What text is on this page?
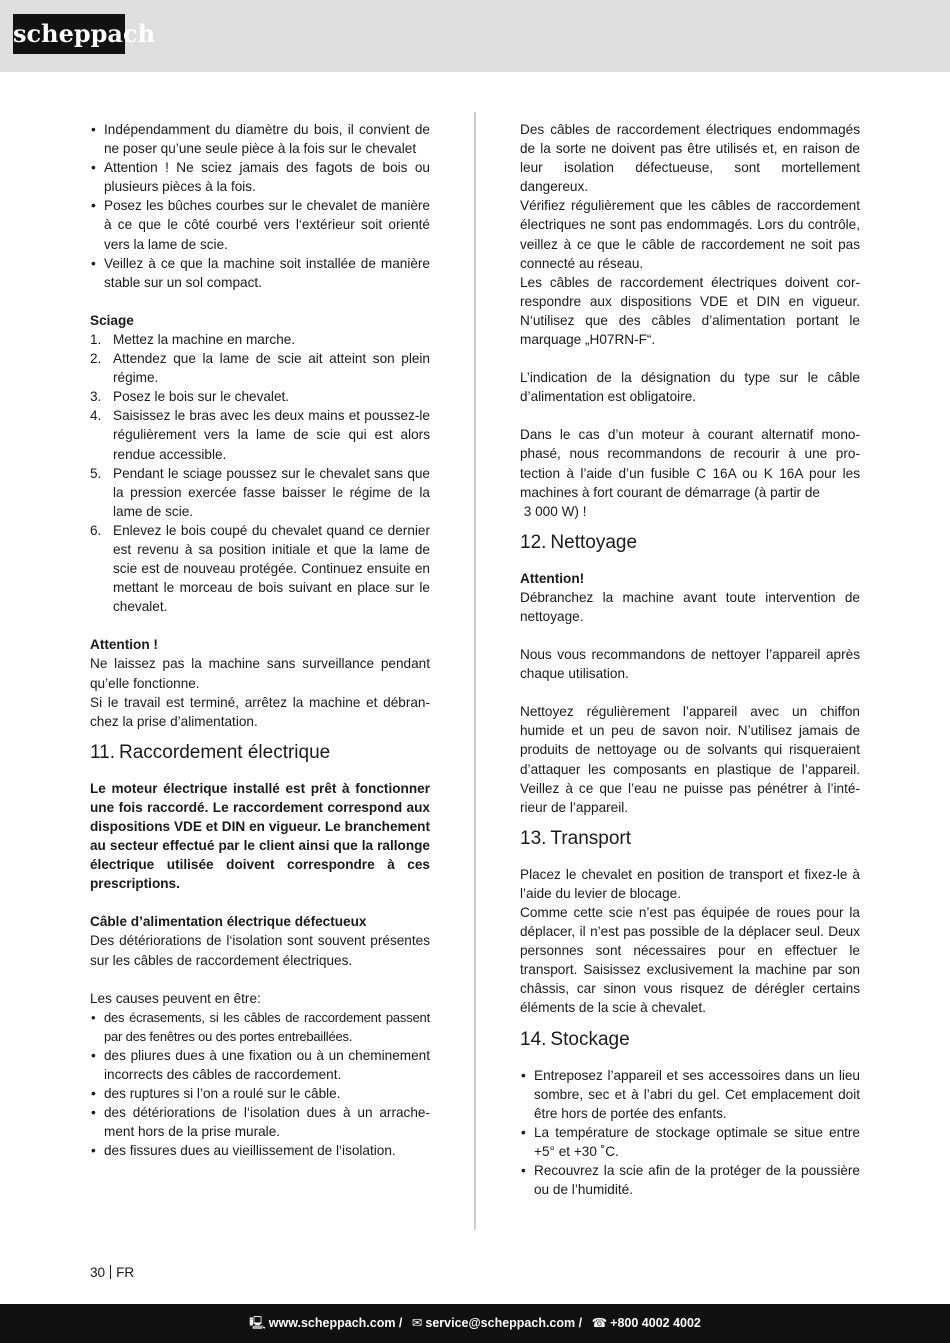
scheppach
• Indépendamment du diamètre du bois, il convient de ne poser qu’une seule pièce à la fois sur le chevalet
• Attention ! Ne sciez jamais des fagots de bois ou plusieurs pièces à la fois.
• Posez les bûches courbes sur le chevalet de manière à ce que le côté courbé vers l‘extérieur soit orienté vers la lame de scie.
• Veillez à ce que la machine soit installée de manière stable sur un sol compact.

Sciage

1. Mettez la machine en marche.
2. Attendez que la lame de scie ait atteint son plein régime.
3. Posez le bois sur le chevalet.
4. Saisissez le bras avec les deux mains et poussez-le régulièrement vers la lame de scie qui est alors rendue accessible.
5. Pendant le sciage poussez sur le chevalet sans que la pression exercée fasse baisser le régime de la lame de scie.
6. Enlevez le bois coupé du chevalet quand ce dernier est revenu à sa position initiale et que la lame de scie est de nouveau protégée. Continuez ensuite en mettant le morceau de bois suivant en place sur le chevalet.

Attention !

Ne laissez pas la machine sans surveillance pendant qu’elle fonctionne.

Si le travail est terminé, arrêtez la machine et débranchez la prise d’alimentation.

11. Raccordement électrique

Le moteur électrique installé est prêt à fonctionner une fois raccordé. Le raccordement correspond aux dispositions VDE et DIN en vigueur. Le branchement au secteur effectué par le client ainsi que la rallonge électrique utilisée doivent correspondre à ces prescriptions.

Câble d’alimentation électrique défectueux

Des détériorations de l‘isolation sont souvent présentes sur les câbles de raccordement électriques.

Les causes peuvent en être:

• des écrasements, si les câbles de raccordement passent par des fenêtres ou des portes entrebaillées.
• des pliures dues à une fixation ou à un cheminement incorrects des câbles de raccordement.
• des ruptures si l’on a roulé sur le câble.
• des détériorations de l‘isolation dues à un arrachement hors de la prise murale.
• des fissures dues au vieillissement de l‘isolation.

Des câbles de raccordement électriques endommagés de la sorte ne doivent pas être utilisés et, en raison de leur isolation défectueuse, sont mortellement dangereux.

Vérifiez régulièrement que les câbles de raccordement électriques ne sont pas endommagés. Lors du contrôle, veillez à ce que le câble de raccordement ne soit pas connecté au réseau.

Les câbles de raccordement électriques doivent correspondre aux dispositions VDE et DIN en vigueur. N‘utilisez que des câbles d’alimentation portant le marquage „H07RN-F“.

L’indication de la désignation du type sur le câble d’alimentation est obligatoire.

Dans le cas d’un moteur à courant alternatif monophasé, nous recommandons de recourir à une protection à l’aide d’un fusible C 16A ou K 16A pour les machines à fort courant de démarrage (à partir de

3 000 W) !

12. Nettoyage

Attention!

Débranchez la machine avant toute intervention de nettoyage.

Nous vous recommandons de nettoyer l’appareil après chaque utilisation.

Nettoyez régulièrement l’appareil avec un chiffon humide et un peu de savon noir. N’utilisez jamais de produits de nettoyage ou de solvants qui risqueraient d’attaquer les composants en plastique de l’appareil. Veillez à ce que l’eau ne puisse pas pénétrer à l’intérieur de l’appareil.

13. Transport

Placez le chevalet en position de transport et fixez-le à l’aide du levier de blocage.

Comme cette scie n’est pas équipée de roues pour la déplacer, il n’est pas possible de la déplacer seul. Deux personnes sont nécessaires pour en effectuer le transport. Saisissez exclusivement la machine par son châssis, car sinon vous risquez de dérégler certains éléments de la scie à chevalet.

14. Stockage
• Entreposez l’appareil et ses accessoires dans un lieu sombre, sec et à l’abri du gel. Cet emplacement doit être hors de portée des enfants.
• La température de stockage optimale se situe entre +5° et +30 ˚C.
• Recouvrez la scie afin de la protéger de la poussière ou de l’humidité.
30 FR
🖳 www.scheppach.com / ✉ service@scheppach.com / ☎ +800 4002 4002
